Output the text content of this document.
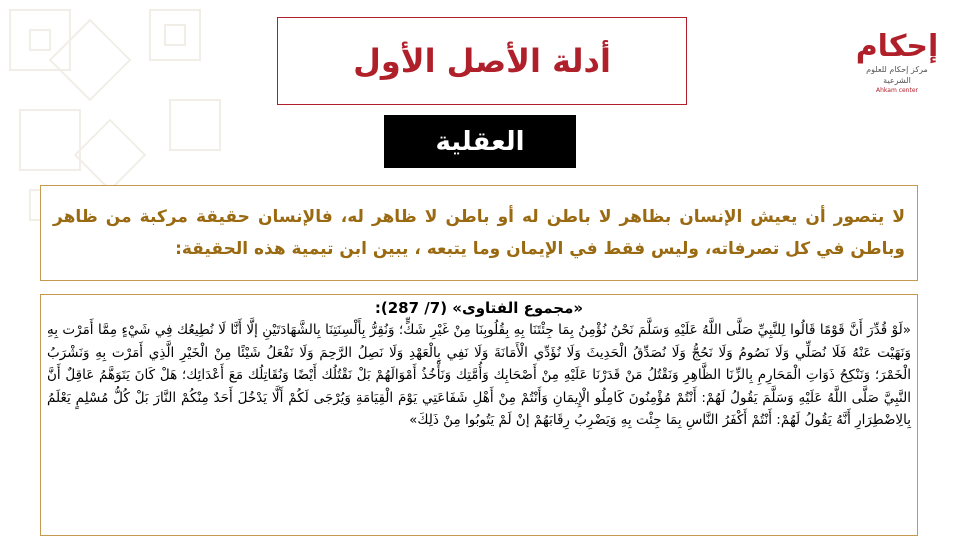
إحكام
مركز إحكام للعلوم الشرعية
Ahkam center
أدلة الأصل الأول
العقلية
لا يتصور أن يعيش الإنسان بظاهر لا باطن له أو باطن لا ظاهر له، فالإنسان حقيقة مركبة من ظاهر وباطن في كل تصرفاته، وليس فقط في الإيمان وما يتبعه ، يبين ابن تيمية هذه الحقيقة:
«مجموع الفتاوى» (7/ 287):
«لَوْ قُدِّرَ أَنَّ قَوْمًا قَالُوا لِلنَّبِيِّ صَلَّى اللَّهُ عَلَيْهِ وَسَلَّمَ نَحْنُ نُؤْمِنُ بِمَا جِئْتَنَا بِهِ بِقُلُوبِنَا مِنْ غَيْرِ شَكٍّ؛ وَنُقِرُّ بِأَلْسِنَتِنَا بِالشَّهَادَتَيْنِ إلَّا أَنَّا لَا نُطِيعُك فِي شَيْءٍ مِمَّا أَمَرْت بِهِ وَنَهَيْت عَنْهُ فَلَا نُصَلِّي وَلَا نَصُومُ وَلَا نَحُجُّ وَلَا نُصَدِّقُ الْحَدِيثَ وَلَا نُؤَدِّي الْأَمَانَةَ وَلَا نَفِي بِالْعَهْدِ وَلَا نَصِلُ الرَّحِمَ وَلَا نَفْعَلُ شَيْئًا مِنْ الْخَيْرِ الَّذِي أَمَرْت بِهِ وَنَشْرَبُ الْخَمْرَ؛ وَنَنْكِحُ ذَوَاتِ الْمَحَارِمِ بِالزِّنَا الظَّاهِرِ وَنَقْتُلُ مَنْ قَدَرْنَا عَلَيْهِ مِنْ أَصْحَابِك وَأُمَّتِك وَنَأْخُذُ أَمْوَالَهُمْ بَلْ نَقْتُلُك أَيْضًا وَنُقَاتِلُك مَعَ أَعْدَائِك؛ هَلْ كَانَ يَتَوَهَّمُ عَاقِلٌ أَنَّ النَّبِيَّ صَلَّى اللَّهُ عَلَيْهِ وَسَلَّمَ يَقُولُ لَهُمْ: أَنْتُمْ مُؤْمِنُونَ كَامِلُو الْإِيمَانِ وَأَنْتُمْ مِنْ أَهْلِ شَفَاعَتِي يَوْمَ الْقِيَامَةِ وَيُرْجَى لَكُمْ أَلَّا يَدْخُلَ أَحَدٌ مِنْكُمْ النَّارَ بَلْ كُلُّ مُسْلِمٍ يَعْلَمُ بِالِاضْطِرَارِ أَنَّهُ يَقُولُ لَهُمْ: أَنْتُمْ أَكْفَرُ النَّاسِ بِمَا جِئْت بِهِ وَيَضْرِبُ رِقَابَهُمْ إنْ لَمْ يَتُوبُوا مِنْ ذَلِكَ»
